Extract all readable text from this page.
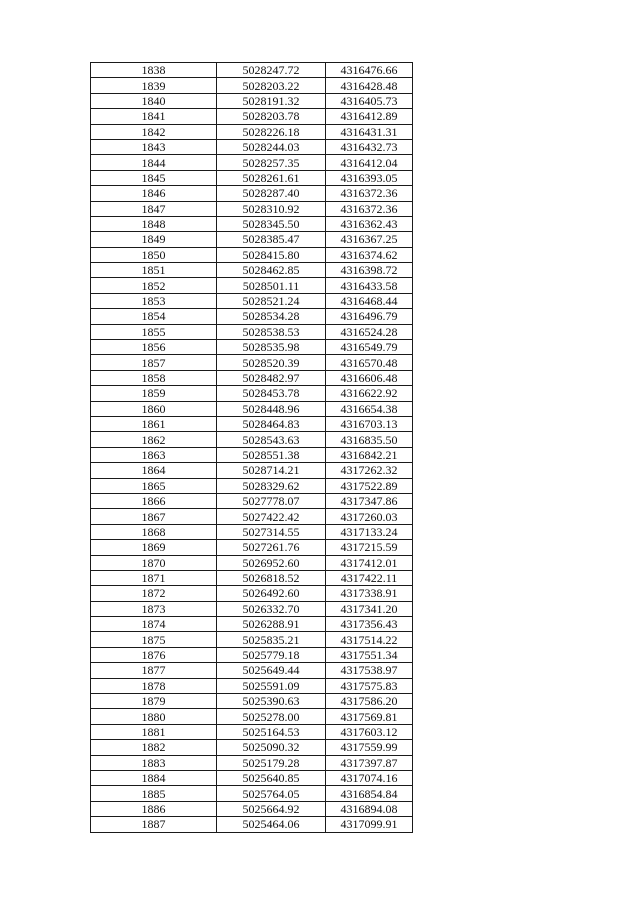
1838	5028247.72	4316476.66
1839	5028203.22	4316428.48
1840	5028191.32	4316405.73
1841	5028203.78	4316412.89
1842	5028226.18	4316431.31
1843	5028244.03	4316432.73
1844	5028257.35	4316412.04
1845	5028261.61	4316393.05
1846	5028287.40	4316372.36
1847	5028310.92	4316372.36
1848	5028345.50	4316362.43
1849	5028385.47	4316367.25
1850	5028415.80	4316374.62
1851	5028462.85	4316398.72
1852	5028501.11	4316433.58
1853	5028521.24	4316468.44
1854	5028534.28	4316496.79
1855	5028538.53	4316524.28
1856	5028535.98	4316549.79
1857	5028520.39	4316570.48
1858	5028482.97	4316606.48
1859	5028453.78	4316622.92
1860	5028448.96	4316654.38
1861	5028464.83	4316703.13
1862	5028543.63	4316835.50
1863	5028551.38	4316842.21
1864	5028714.21	4317262.32
1865	5028329.62	4317522.89
1866	5027778.07	4317347.86
1867	5027422.42	4317260.03
1868	5027314.55	4317133.24
1869	5027261.76	4317215.59
1870	5026952.60	4317412.01
1871	5026818.52	4317422.11
1872	5026492.60	4317338.91
1873	5026332.70	4317341.20
1874	5026288.91	4317356.43
1875	5025835.21	4317514.22
1876	5025779.18	4317551.34
1877	5025649.44	4317538.97
1878	5025591.09	4317575.83
1879	5025390.63	4317586.20
1880	5025278.00	4317569.81
1881	5025164.53	4317603.12
1882	5025090.32	4317559.99
1883	5025179.28	4317397.87
1884	5025640.85	4317074.16
1885	5025764.05	4316854.84
1886	5025664.92	4316894.08
1887	5025464.06	4317099.91
